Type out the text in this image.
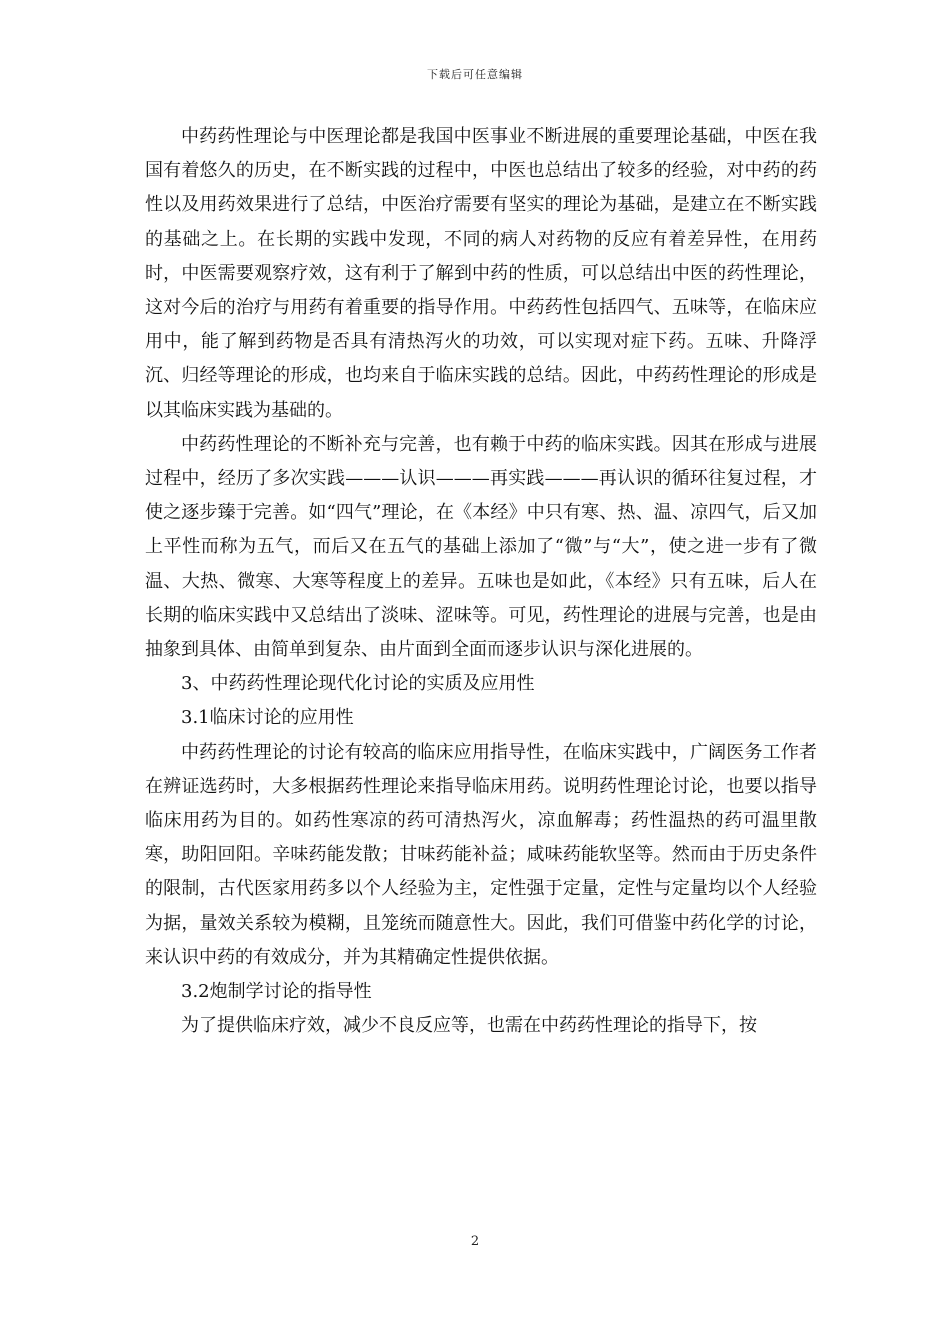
下载后可任意编辑

中药药性理论与中医理论都是我国中医事业不断进展的重要理论基础，中医在我国有着悠久的历史，在不断实践的过程中，中医也总结出了较多的经验，对中药的药性以及用药效果进行了总结，中医治疗需要有坚实的理论为基础，是建立在不断实践的基础之上。在长期的实践中发现，不同的病人对药物的反应有着差异性，在用药时，中医需要观察疗效，这有利于了解到中药的性质，可以总结出中医的药性理论，这对今后的治疗与用药有着重要的指导作用。中药药性包括四气、五味等，在临床应用中，能了解到药物是否具有清热泻火的功效，可以实现对症下药。五味、升降浮沉、归经等理论的形成，也均来自于临床实践的总结。因此，中药药性理论的形成是以其临床实践为基础的。

中药药性理论的不断补充与完善，也有赖于中药的临床实践。因其在形成与进展过程中，经历了多次实践———认识———再实践———再认识的循环往复过程，才使之逐步臻于完善。如“四气”理论，在《本经》中只有寒、热、温、凉四气，后又加上平性而称为五气，而后又在五气的基础上添加了“微”与“大”，使之进一步有了微温、大热、微寒、大寒等程度上的差异。五味也是如此，《本经》只有五味，后人在长期的临床实践中又总结出了淡味、涩味等。可见，药性理论的进展与完善，也是由抽象到具体、由简单到复杂、由片面到全面而逐步认识与深化进展的。

3、中药药性理论现代化讨论的实质及应用性

3.1临床讨论的应用性

中药药性理论的讨论有较高的临床应用指导性，在临床实践中，广阔医务工作者在辨证选药时，大多根据药性理论来指导临床用药。说明药性理论讨论，也要以指导临床用药为目的。如药性寒凉的药可清热泻火，凉血解毒；药性温热的药可温里散寒，助阳回阳。辛味药能发散；甘味药能补益；咸味药能软坚等。然而由于历史条件的限制，古代医家用药多以个人经验为主，定性强于定量，定性与定量均以个人经验为据，量效关系较为模糊，且笼统而随意性大。因此，我们可借鉴中药化学的讨论，来认识中药的有效成分，并为其精确定性提供依据。

3.2炮制学讨论的指导性

为了提供临床疗效，减少不良反应等，也需在中药药性理论的指导下，按

2
